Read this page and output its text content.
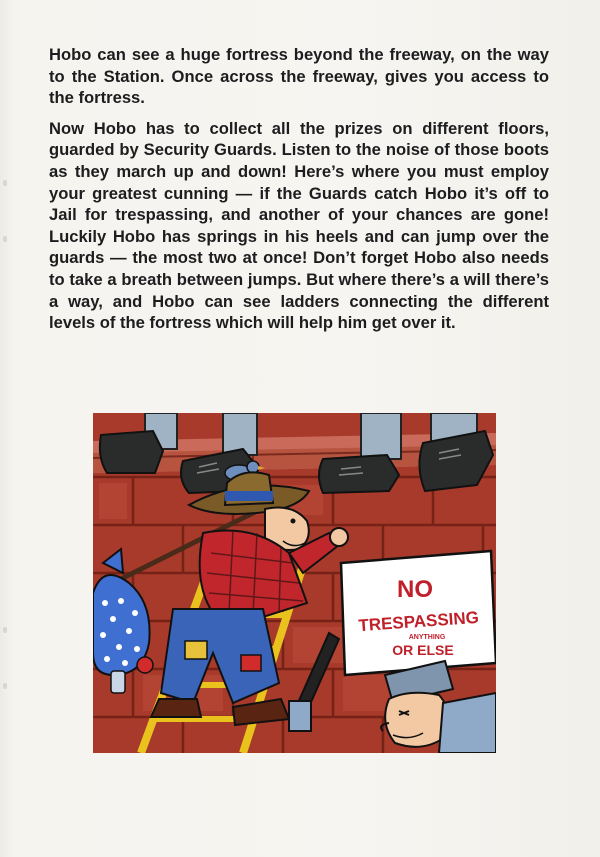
Hobo can see a huge fortress beyond the freeway, on the way to the Station. Once across the freeway, gives you access to the fortress.

Now Hobo has to collect all the prizes on different floors, guarded by Security Guards. Listen to the noise of those boots as they march up and down! Here’s where you must employ your greatest cunning — if the Guards catch Hobo it’s off to Jail for trespassing, and another of your chances are gone! Luckily Hobo has springs in his heels and can jump over the guards — the most two at once! Don’t forget Hobo also needs to take a breath between jumps. But where there’s a will there’s a way, and Hobo can see ladders connecting the different levels of the fortress which will help him get over it.

NO
TRESPASSING
ANYTHING
OR ELSE
